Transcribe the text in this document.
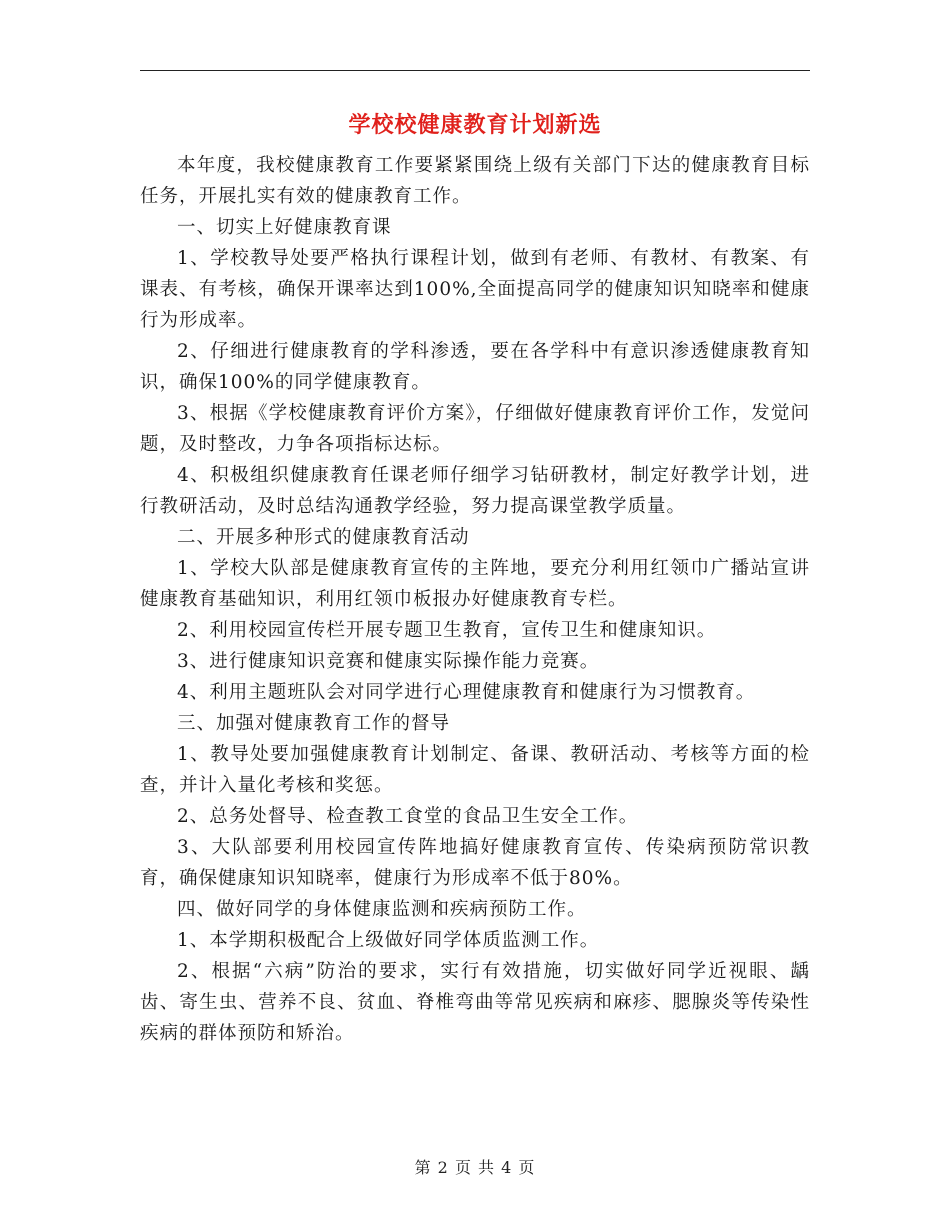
学校校健康教育计划新选

本年度，我校健康教育工作要紧紧围绕上级有关部门下达的健康教育目标任务，开展扎实有效的健康教育工作。

一、切实上好健康教育课

1、学校教导处要严格执行课程计划，做到有老师、有教材、有教案、有课表、有考核，确保开课率达到100%,全面提高同学的健康知识知晓率和健康行为形成率。

2、仔细进行健康教育的学科渗透，要在各学科中有意识渗透健康教育知识，确保100%的同学健康教育。

3、根据《学校健康教育评价方案》，仔细做好健康教育评价工作，发觉问题，及时整改，力争各项指标达标。

4、积极组织健康教育任课老师仔细学习钻研教材，制定好教学计划，进行教研活动，及时总结沟通教学经验，努力提高课堂教学质量。

二、开展多种形式的健康教育活动

1、学校大队部是健康教育宣传的主阵地，要充分利用红领巾广播站宣讲健康教育基础知识，利用红领巾板报办好健康教育专栏。

2、利用校园宣传栏开展专题卫生教育，宣传卫生和健康知识。

3、进行健康知识竞赛和健康实际操作能力竞赛。

4、利用主题班队会对同学进行心理健康教育和健康行为习惯教育。

三、加强对健康教育工作的督导

1、教导处要加强健康教育计划制定、备课、教研活动、考核等方面的检查，并计入量化考核和奖惩。

2、总务处督导、检查教工食堂的食品卫生安全工作。

3、大队部要利用校园宣传阵地搞好健康教育宣传、传染病预防常识教育，确保健康知识知晓率，健康行为形成率不低于80%。

四、做好同学的身体健康监测和疾病预防工作。

1、本学期积极配合上级做好同学体质监测工作。

2、根据“六病”防治的要求，实行有效措施，切实做好同学近视眼、龋齿、寄生虫、营养不良、贫血、脊椎弯曲等常见疾病和麻疹、腮腺炎等传染性疾病的群体预防和矫治。

第 2 页 共 4 页
